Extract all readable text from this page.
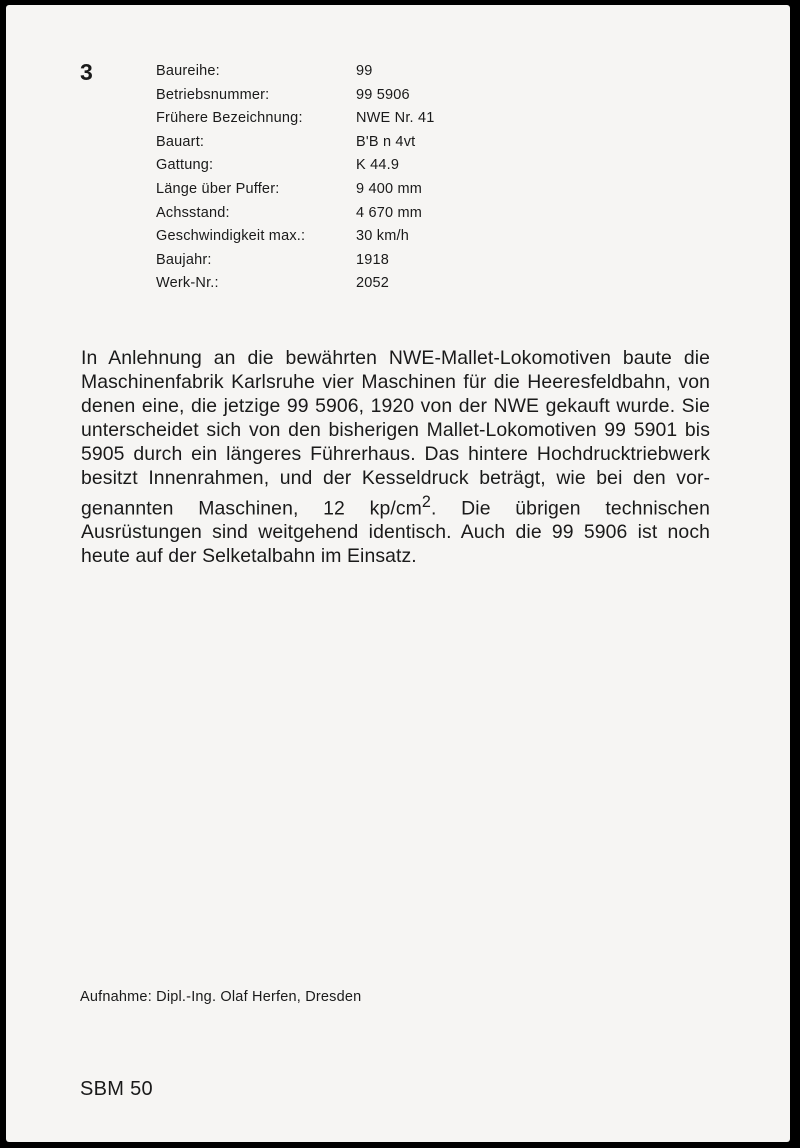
3	Baureihe:	99
Betriebsnummer:	99 5906
Frühere Bezeichnung:	NWE Nr. 41
Bauart:	B'B n 4vt
Gattung:	K 44.9
Länge über Puffer:	9 400 mm
Achsstand:	4 670 mm
Geschwindigkeit max.:	30 km/h
Baujahr:	1918
Werk-Nr.:	2052

In Anlehnung an die bewährten NWE-Mallet-Lokomotiven baute die Maschinenfabrik Karlsruhe vier Maschinen für die Heeresfeldbahn, von denen eine, die jetzige 99 5906, 1920 von der NWE gekauft wurde. Sie unterscheidet sich von den bisherigen Mallet-Lokomotiven 99 5901 bis 5905 durch ein längeres Führerhaus. Das hintere Hochdrucktriebwerk besitzt Innenrahmen, und der Kesseldruck beträgt, wie bei den vorgenannten Maschinen, 12 $kp/cm^2$. Die übrigen technischen Ausrüstungen sind weitgehend identisch. Auch die 99 5906 ist noch heute auf der Selketalbahn im Einsatz.

Aufnahme: Dipl.-Ing. Olaf Herfen, Dresden
SBM 50
